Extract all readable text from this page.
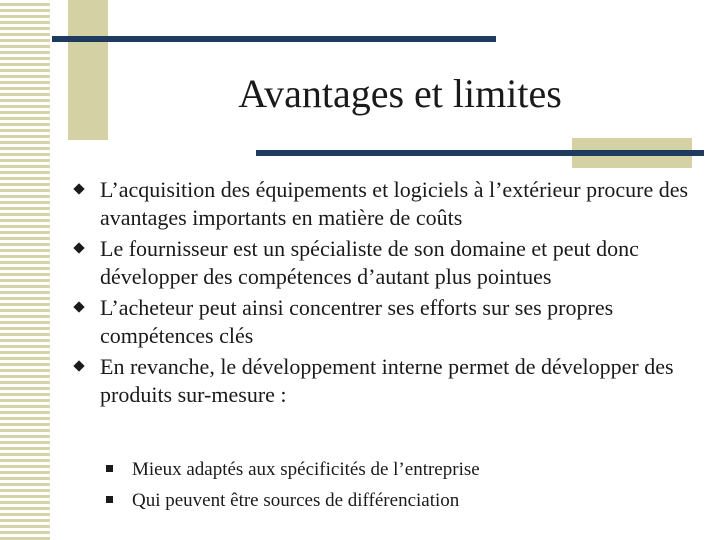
Avantages et limites
L’acquisition des équipements et logiciels à l’extérieur procure des avantages importants en matière de coûts
Le fournisseur est un spécialiste de son domaine et peut donc développer des compétences d’autant plus pointues
L’acheteur peut ainsi concentrer ses efforts sur ses propres compétences clés
En revanche, le développement interne permet de développer des produits sur-mesure :
Mieux adaptés aux spécificités de l’entreprise
Qui peuvent être sources de différenciation
